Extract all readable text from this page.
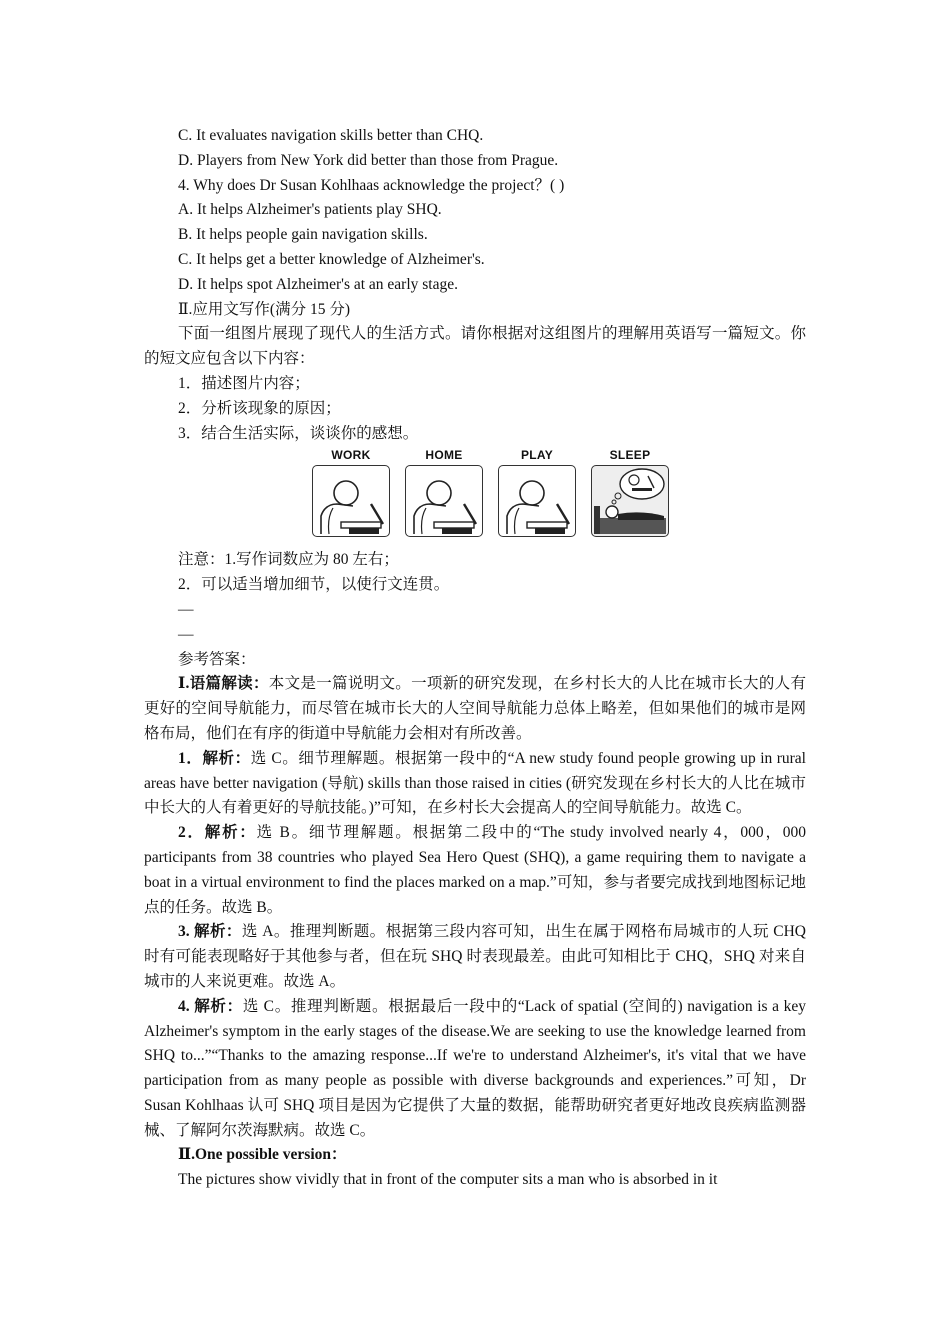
C. It evaluates navigation skills better than CHQ.

D. Players from New York did better than those from Prague.

4. Why does Dr Susan Kohlhaas acknowledge the project？( )

A. It helps Alzheimer's patients play SHQ.

B. It helps people gain navigation skills.

C. It helps get a better knowledge of Alzheimer's.

D. It helps spot Alzheimer's at an early stage.

Ⅱ.应用文写作(满分 15 分)

下面一组图片展现了现代人的生活方式。请你根据对这组图片的理解用英语写一篇短文。你的短文应包含以下内容：

1．描述图片内容；

2．分析该现象的原因；

3．结合生活实际，谈谈你的感想。

WORK	HOME	PLAY	SLEEP

注意：1.写作词数应为 80 左右；

2．可以适当增加细节，以使行文连贯。

—
—

参考答案：

Ⅰ.语篇解读：本文是一篇说明文。一项新的研究发现，在乡村长大的人比在城市长大的人有更好的空间导航能力，而尽管在城市长大的人空间导航能力总体上略差，但如果他们的城市是网格布局，他们在有序的街道中导航能力会相对有所改善。

1．解析：选 C。细节理解题。根据第一段中的“A new study found people growing up in rural areas have better navigation (导航) skills than those raised in cities (研究发现在乡村长大的人比在城市中长大的人有着更好的导航技能。)”可知，在乡村长大会提高人的空间导航能力。故选 C。

2．解析：选 B。细节理解题。根据第二段中的“The study involved nearly 4，000，000 participants from 38 countries who played Sea Hero Quest (SHQ), a game requiring them to navigate a boat in a virtual environment to find the places marked on a map.”可知，参与者要完成找到地图标记地点的任务。故选 B。

3. 解析：选 A。推理判断题。根据第三段内容可知，出生在属于网格布局城市的人玩 CHQ 时有可能表现略好于其他参与者，但在玩 SHQ 时表现最差。由此可知相比于 CHQ，SHQ 对来自城市的人来说更难。故选 A。

4. 解析：选 C。推理判断题。根据最后一段中的“Lack of spatial (空间的) navigation is a key Alzheimer's symptom in the early stages of the disease.We are seeking to use the knowledge learned from SHQ to...”“Thanks to the amazing response...If we're to understand Alzheimer's, it's vital that we have participation from as many people as possible with diverse backgrounds and experiences.”可知，Dr Susan Kohlhaas 认可 SHQ 项目是因为它提供了大量的数据，能帮助研究者更好地改良疾病监测器械、了解阿尔茨海默病。故选 C。

Ⅱ.One possible version：

The pictures show vividly that in front of the computer sits a man who is absorbed in it
